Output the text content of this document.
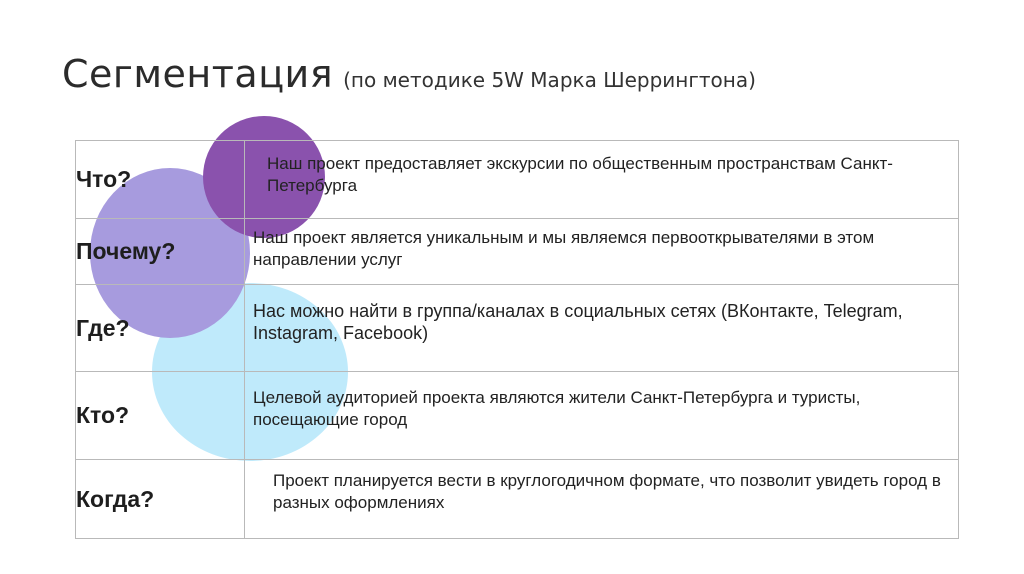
Сегментация (по методике 5W Марка Шеррингтона)
Что?	Наш проект предоставляет экскурсии по общественным пространствам Санкт-Петербурга

Почему?	Наш проект является уникальным и мы являемся первооткрывателями в этом направлении услуг

Где?	Нас можно найти в группа/каналах в социальных сетях (ВКонтакте, Telegram, Instagram, Facebook)

Кто?	Целевой аудиторией проекта являются жители Санкт-Петербурга и туристы, посещающие город

Когда?	Проект планируется вести в круглогодичном формате, что позволит увидеть город в разных оформлениях
